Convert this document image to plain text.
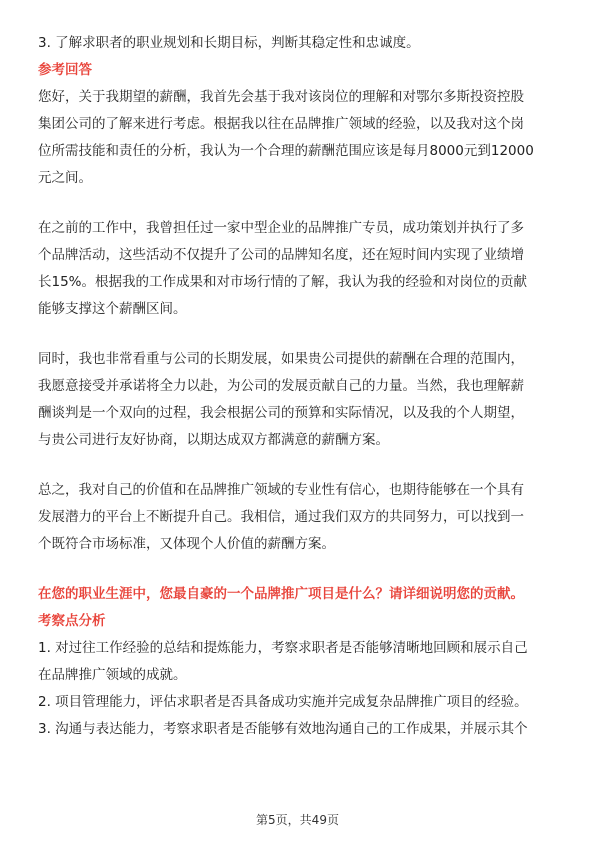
3. 了解求职者的职业规划和长期目标，判断其稳定性和忠诚度。
参考回答
您好，关于我期望的薪酬，我首先会基于我对该岗位的理解和对鄂尔多斯投资控股
集团公司的了解来进行考虑。根据我以往在品牌推广领域的经验，以及我对这个岗
位所需技能和责任的分析，我认为一个合理的薪酬范围应该是每月8000元到12000
元之间。
在之前的工作中，我曾担任过一家中型企业的品牌推广专员，成功策划并执行了多
个品牌活动，这些活动不仅提升了公司的品牌知名度，还在短时间内实现了业绩增
长15%。根据我的工作成果和对市场行情的了解，我认为我的经验和对岗位的贡献
能够支撑这个薪酬区间。
同时，我也非常看重与公司的长期发展，如果贵公司提供的薪酬在合理的范围内，
我愿意接受并承诺将全力以赴，为公司的发展贡献自己的力量。当然，我也理解薪
酬谈判是一个双向的过程，我会根据公司的预算和实际情况，以及我的个人期望，
与贵公司进行友好协商，以期达成双方都满意的薪酬方案。
总之，我对自己的价值和在品牌推广领域的专业性有信心，也期待能够在一个具有
发展潜力的平台上不断提升自己。我相信，通过我们双方的共同努力，可以找到一
个既符合市场标准，又体现个人价值的薪酬方案。
在您的职业生涯中，您最自豪的一个品牌推广项目是什么？请详细说明您的贡献。
考察点分析
1. 对过往工作经验的总结和提炼能力，考察求职者是否能够清晰地回顾和展示自己
在品牌推广领域的成就。
2. 项目管理能力，评估求职者是否具备成功实施并完成复杂品牌推广项目的经验。
3. 沟通与表达能力，考察求职者是否能够有效地沟通自己的工作成果，并展示其个
第5页，共49页
